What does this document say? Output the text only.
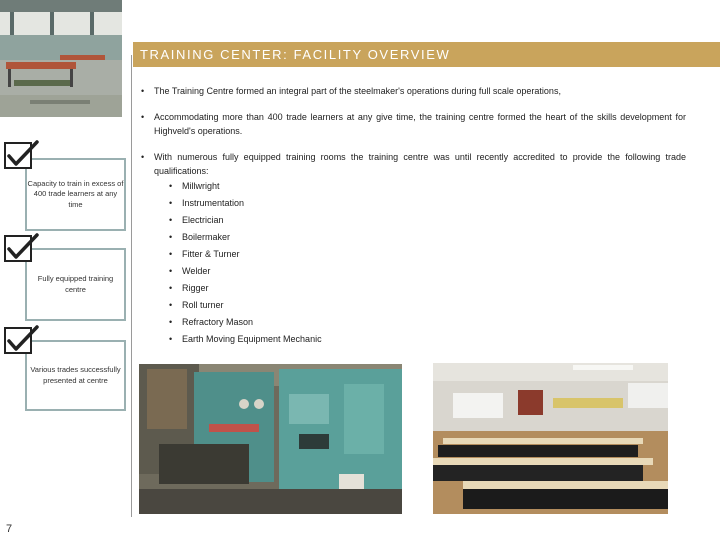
TRAINING CENTER: FACILITY OVERVIEW
• The Training Centre formed an integral part of the steelmaker's operations during full scale operations,
• Accommodating more than 400 trade learners at any give time, the training centre formed the heart of the skills development for Highveld's operations.
• With numerous fully equipped training rooms the training centre was until recently accredited to provide the following trade qualifications:
• Millwright
• Instrumentation
• Electrician
• Boilermaker
• Fitter & Turner
• Welder
• Rigger
• Roll turner
• Refractory Mason
• Earth Moving Equipment Mechanic
Capacity to train in excess of 400 trade learners at any time
Fully equipped training centre
Various trades successfully presented at centre
7
